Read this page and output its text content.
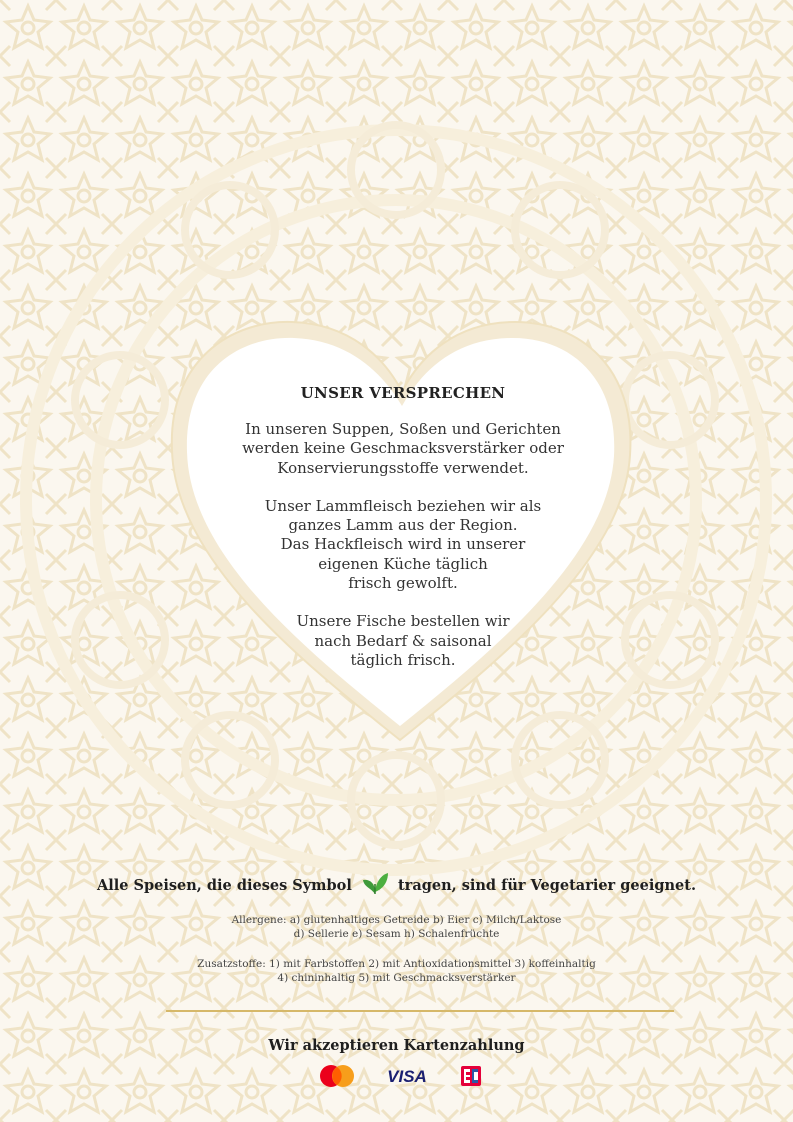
UNSER VERSPRECHEN

In unseren Suppen, Soßen und Gerichten
werden keine Geschmacksverstärker oder
Konservierungsstoffe verwendet.

Unser Lammfleisch beziehen wir als
ganzes Lamm aus der Region.
Das Hackfleisch wird in unserer
eigenen Küche täglich
frisch gewolft.

Unsere Fische bestellen wir
nach Bedarf & saisonal
täglich frisch.

Alle Speisen, die dieses Symbol	tragen, sind für Vegetarier geeignet.
Allergene: a) glutenhaltiges Getreide b) Eier c) Milch/Laktose
d) Sellerie e) Sesam h) Schalenfrüchte
Zusatzstoffe: 1) mit Farbstoffen 2) mit Antioxidationsmittel 3) koffeinhaltig
4) chininhaltig 5) mit Geschmacksverstärker
Wir akzeptieren Kartenzahlung
VISA
